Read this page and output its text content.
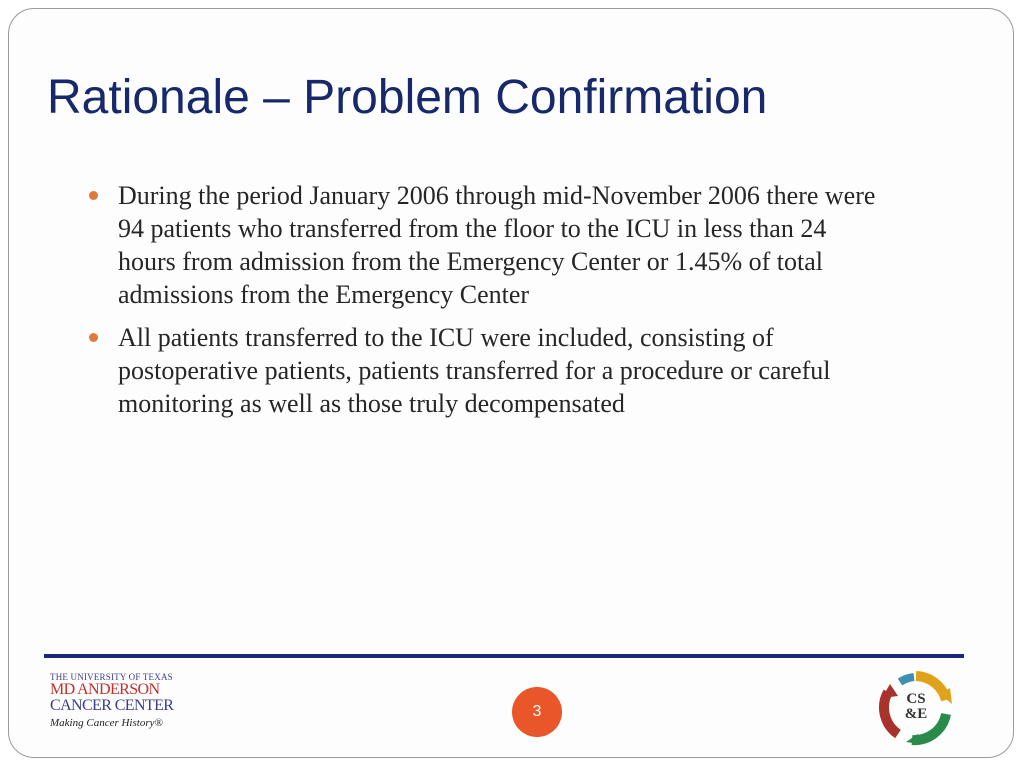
Rationale – Problem Confirmation
During the period January 2006 through mid-November 2006 there were 94 patients who transferred from the floor to the ICU in less than 24 hours from admission from the Emergency Center or 1.45% of total admissions from the Emergency Center
All patients transferred to the ICU were included, consisting of postoperative patients, patients transferred for a procedure or careful monitoring as well as those truly decompensated
THE UNIVERSITY OF TEXAS
MD ANDERSON
CANCER CENTER
Making Cancer History®
3
CS
&E
